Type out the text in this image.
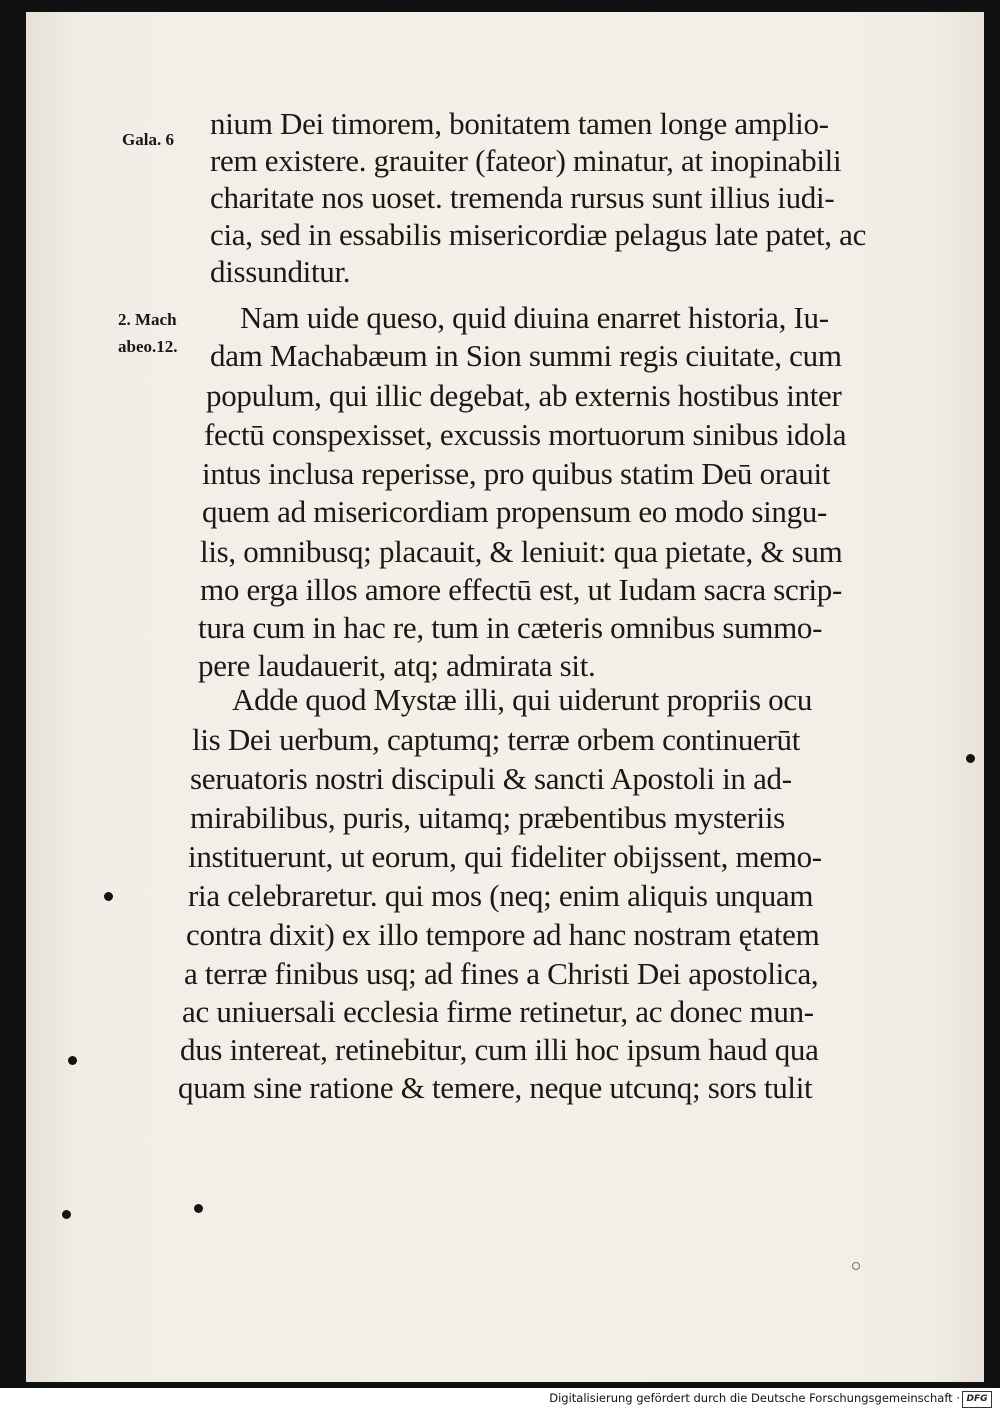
Gala. 6
2. Mach
abeo.12.
nium Dei timorem, bonitatem tamen longe amplio-
rem existere. grauiter (fateor) minatur, at inopinabili
charitate nos uoset. tremenda rursus sunt illius iudi-
cia, sed in essabilis misericordiæ pelagus late patet, ac
dissunditur.
Nam uide queso, quid diuina enarret historia, Iu-
dam Machabæum in Sion summi regis ciuitate, cum
populum, qui illic degebat, ab externis hostibus inter
fectū conspexisset, excussis mortuorum sinibus idola
intus inclusa reperisse, pro quibus statim Deū orauit
quem ad misericordiam propensum eo modo singu-
lis, omnibusq; placauit, & leniuit: qua pietate, & sum
mo erga illos amore effectū est, ut Iudam sacra scrip-
tura cum in hac re, tum in cæteris omnibus summo-
pere laudauerit, atq; admirata sit.
Adde quod Mystæ illi, qui uiderunt propriis ocu
lis Dei uerbum, captumq; terræ orbem continuerūt
seruatoris nostri discipuli & sancti Apostoli in ad-
mirabilibus, puris, uitamq; præbentibus mysteriis
instituerunt, ut eorum, qui fideliter obijssent, memo-
ria celebraretur. qui mos (neq; enim aliquis unquam
contra dixit) ex illo tempore ad hanc nostram ętatem
a terræ finibus usq; ad fines a Christi Dei apostolica,
ac uniuersali ecclesia firme retinetur, ac donec mun-
dus intereat, retinebitur, cum illi hoc ipsum haud qua
quam sine ratione & temere, neque utcunq; sors tulit
Digitalisierung gefördert durch die Deutsche Forschungsgemeinschaft · DFG
